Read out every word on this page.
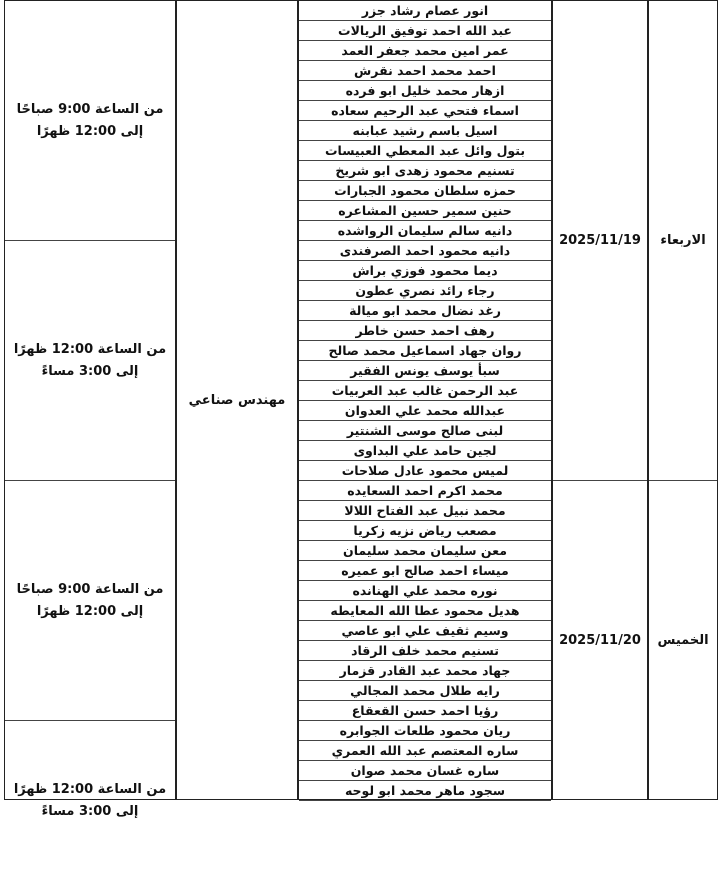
من الساعة 9:00 صباحًا
إلى 12:00 ظهرًا
من الساعة 12:00 ظهرًا
إلى 3:00 مساءً
من الساعة 9:00 صباحًا
إلى 12:00 ظهرًا
من الساعة 12:00 ظهرًا
إلى 3:00 مساءً
مهندس صناعي
انور عصام رشاد جزر
عبد الله احمد توفيق الريالات
عمر امين محمد جعفر العمد
احمد محمد احمد نقرش
ازهار محمد خليل ابو فرده
اسماء فتحي عبد الرحيم سعاده
اسيل باسم رشيد عبابنه
بتول وائل عبد المعطي العبيسات
تسنيم محمود زهدى ابو شريخ
حمزه سلطان محمود الجبارات
حنين سمير حسين المشاعره
دانيه سالم سليمان الرواشده
دانيه محمود احمد الصرفندى
ديما محمود فوزي براش
رجاء رائد نصري عطون
رغد نضال محمد ابو ميالة
رهف احمد حسن خاطر
روان جهاد اسماعيل محمد صالح
سبأ يوسف يونس الفقير
عبد الرحمن غالب عبد العربيات
عبدالله محمد علي العدوان
لبنى صالح موسى الشنتير
لجين حامد علي البداوى
لميس محمود عادل صلاحات
محمد اكرم احمد السعايده
محمد نبيل عبد الفتاح اللالا
مصعب رياض نزيه زكريا
معن سليمان محمد سليمان
ميساء احمد صالح ابو عميره
نوره محمد علي الهنانده
هديل محمود عطا الله المعايطه
وسيم ثقيف علي ابو عاصي
تسنيم محمد خلف الرقاد
جهاد محمد عبد القادر قزمار
رايه طلال محمد المجالي
رؤيا احمد حسن القعقاع
ريان محمود طلعات الجوابره
ساره المعتصم عبد الله العمري
ساره غسان محمد صوان
سجود ماهر محمد ابو لوحه
2025/11/19
2025/11/20
الاربعاء
الخميس
